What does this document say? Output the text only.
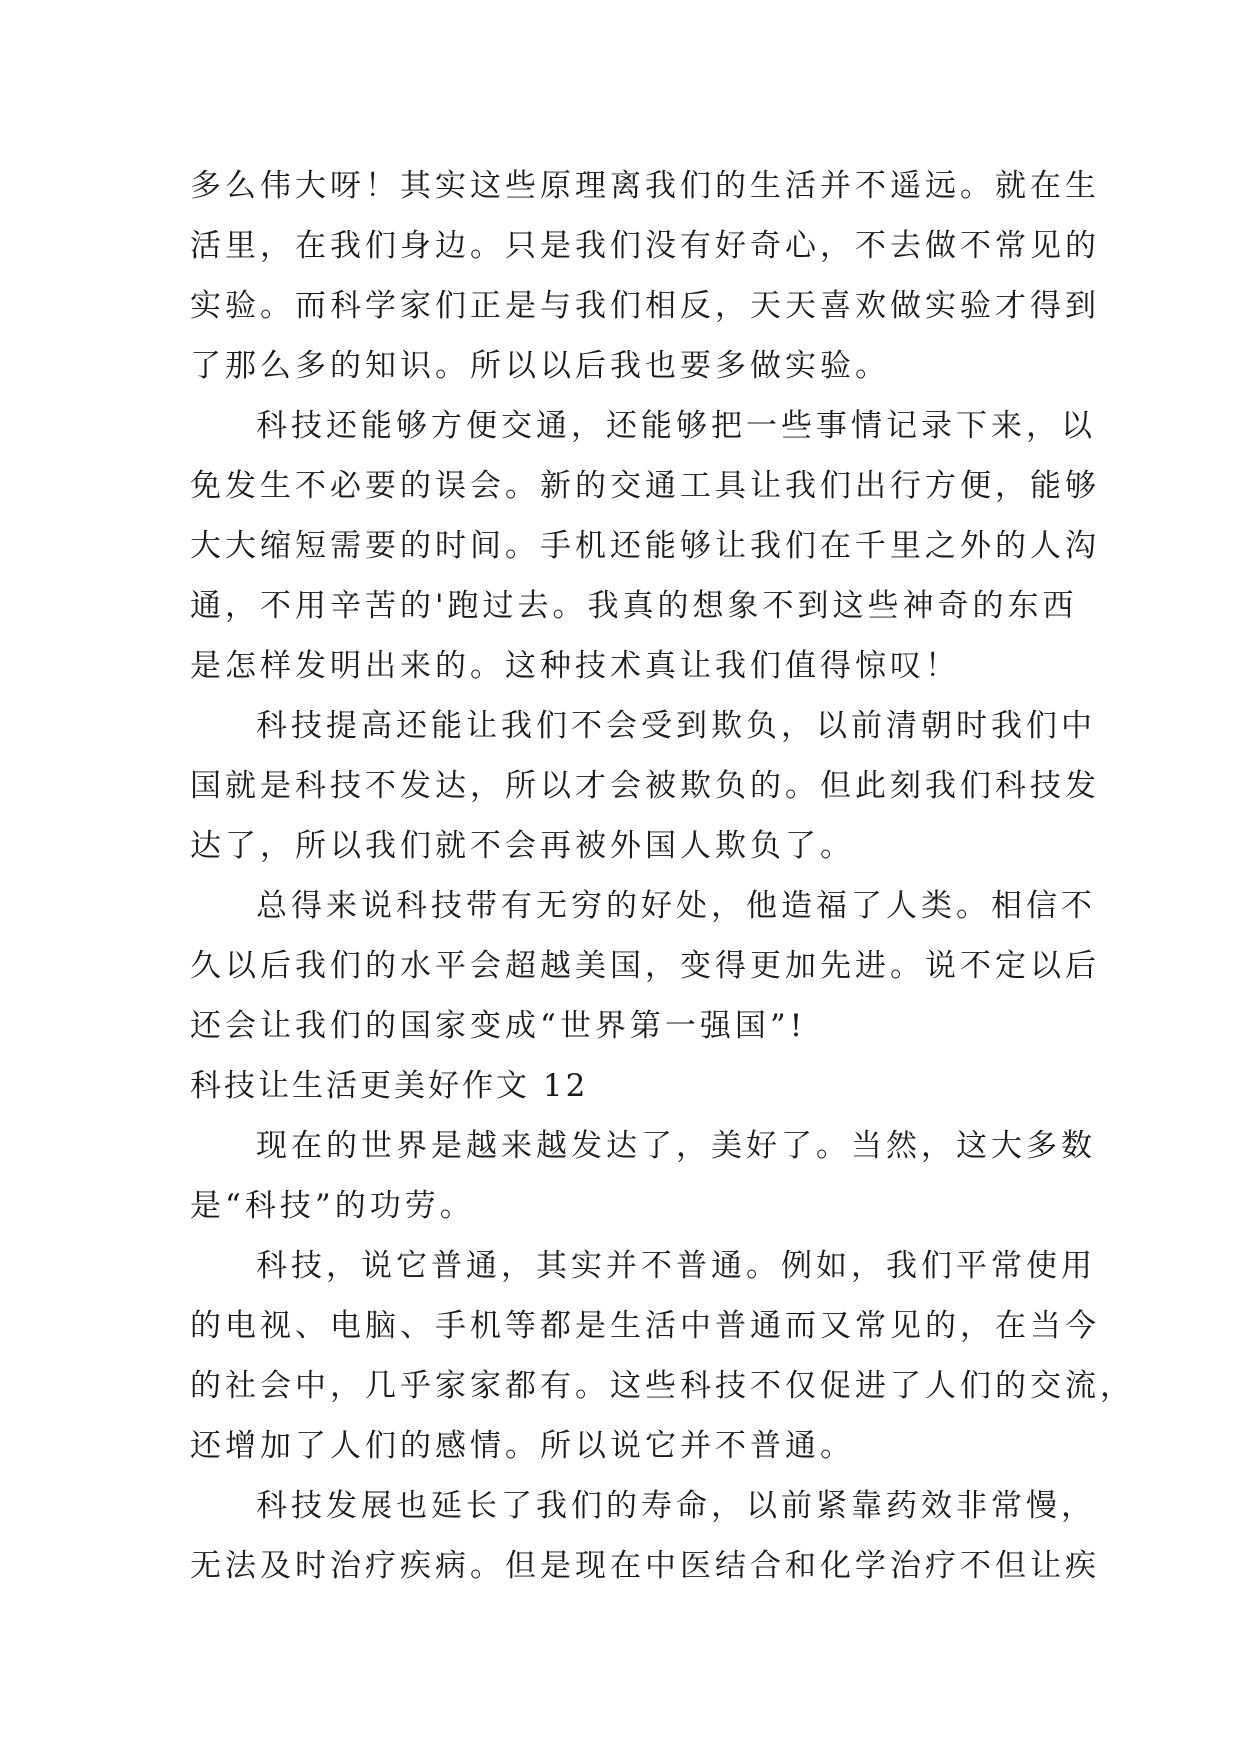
多么伟大呀！其实这些原理离我们的生活并不遥远。就在生
活里，在我们身边。只是我们没有好奇心，不去做不常见的
实验。而科学家们正是与我们相反，天天喜欢做实验才得到
了那么多的知识。所以以后我也要多做实验。
科技还能够方便交通，还能够把一些事情记录下来，以
免发生不必要的误会。新的交通工具让我们出行方便，能够
大大缩短需要的时间。手机还能够让我们在千里之外的人沟
通，不用辛苦的'跑过去。我真的想象不到这些神奇的东西
是怎样发明出来的。这种技术真让我们值得惊叹！
科技提高还能让我们不会受到欺负，以前清朝时我们中
国就是科技不发达，所以才会被欺负的。但此刻我们科技发
达了，所以我们就不会再被外国人欺负了。
总得来说科技带有无穷的好处，他造福了人类。相信不
久以后我们的水平会超越美国，变得更加先进。说不定以后
还会让我们的国家变成“世界第一强国”!
科技让生活更美好作文 12
现在的世界是越来越发达了，美好了。当然，这大多数
是“科技”的功劳。
科技，说它普通，其实并不普通。例如，我们平常使用
的电视、电脑、手机等都是生活中普通而又常见的，在当今
的社会中，几乎家家都有。这些科技不仅促进了人们的交流，
还增加了人们的感情。所以说它并不普通。
科技发展也延长了我们的寿命，以前紧靠药效非常慢，
无法及时治疗疾病。但是现在中医结合和化学治疗不但让疾
